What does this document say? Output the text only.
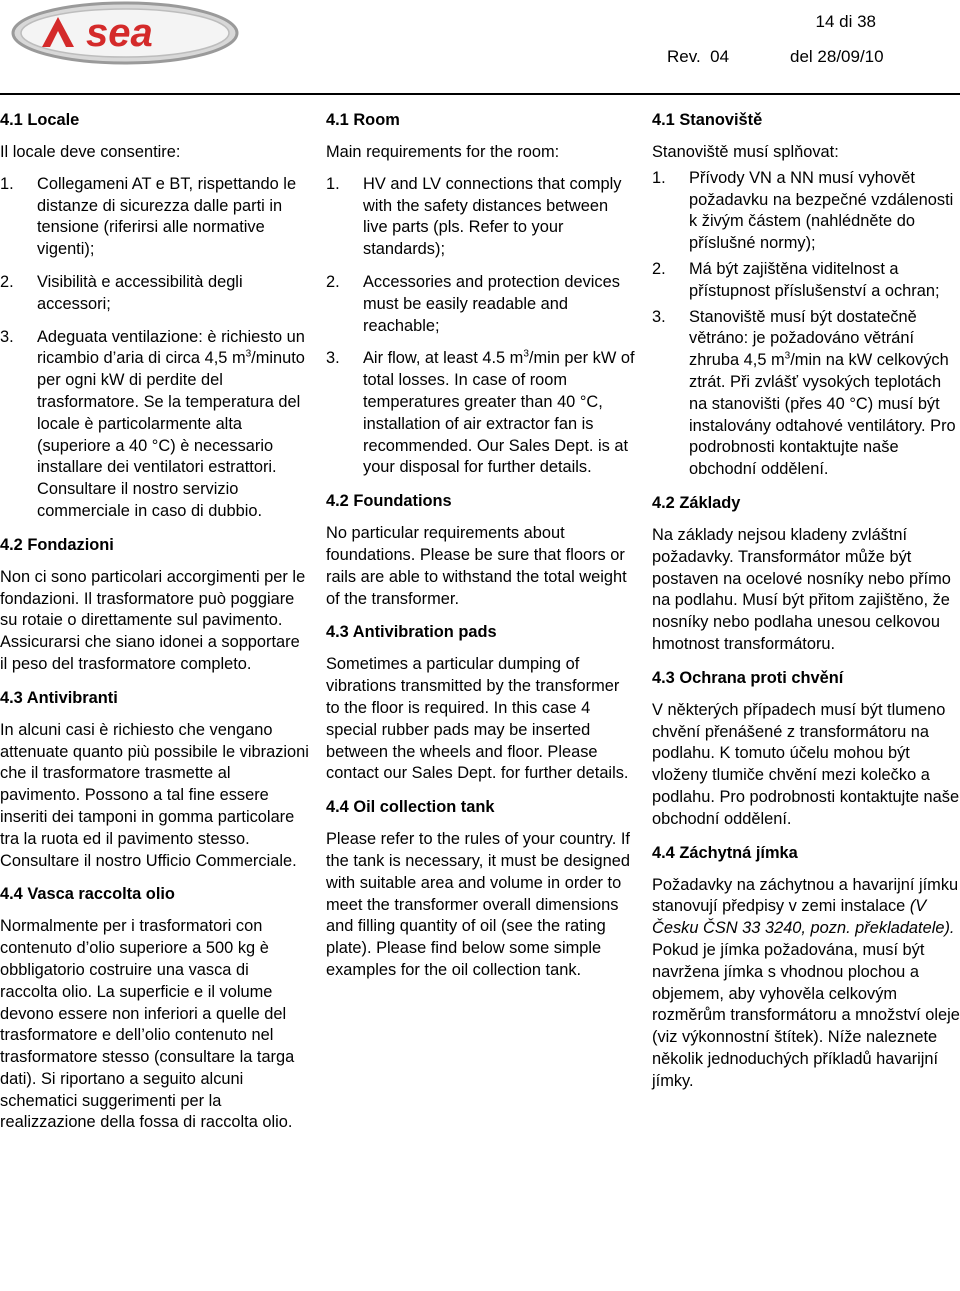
sea	14 di 38
Rev.  04	del 28/09/10
4.1 Locale

Il locale deve consentire:

1. Collegameni AT e BT, rispettando le distanze di sicurezza dalle parti in tensione (riferirsi alle normative vigenti);
2. Visibilità e accessibilità degli accessori;
3. Adeguata ventilazione: è richiesto un ricambio d’aria di circa 4,5 $m^3$/minuto per ogni kW di perdite del trasformatore. Se la temperatura del locale è particolarmente alta (superiore a 40 °C) è necessario installare dei ventilatori estrattori. Consultare il nostro servizio commerciale in caso di dubbio.
4.2 Fondazioni

Non ci sono particolari accorgimenti per le fondazioni. Il trasformatore può poggiare su rotaie o direttamente sul pavimento. Assicurarsi che siano idonei a sopportare il peso del trasformatore completo.

4.3 Antivibranti

In alcuni casi è richiesto che vengano attenuate quanto più possibile le vibrazioni che il trasformatore trasmette al pavimento. Possono a tal fine essere inseriti dei tamponi in gomma particolare tra la ruota ed il pavimento stesso. Consultare il nostro Ufficio Commerciale.

4.4 Vasca raccolta olio

Normalmente per i trasformatori con contenuto d’olio superiore a 500 kg è obbligatorio costruire una vasca di raccolta olio. La superficie e il volume devono essere non inferiori a quelle del trasformatore e dell’olio contenuto nel trasformatore stesso (consultare la targa dati). Si riportano a seguito alcuni schematici suggerimenti per la realizzazione della fossa di raccolta olio.

4.1 Room

Main requirements for the room:

1. HV and LV connections that comply with the safety distances between live parts (pls. Refer to your standards);
2. Accessories and protection devices must be easily readable and reachable;
3. Air flow, at least 4.5 $m^3/\min$ per kW of total losses. In case of room temperatures greater than 40 °C, installation of air extractor fan is recommended. Our Sales Dept. is at your disposal for further details.
4.2 Foundations

No particular requirements about foundations. Please be sure that floors or rails are able to withstand the total weight of the transformer.

4.3 Antivibration pads

Sometimes a particular dumping of vibrations transmitted by the transformer to the floor is required. In this case 4 special rubber pads may be inserted between the wheels and floor. Please contact our Sales Dept. for further details.

4.4 Oil collection tank

Please refer to the rules of your country. If the tank is necessary, it must be designed with suitable area and volume in order to meet the transformer overall dimensions and filling quantity of oil (see the rating plate). Please find below some simple examples for the oil collection tank.

4.1 Stanoviště

Stanoviště musí splňovat:

1. Přívody VN a NN musí vyhovět požadavku na bezpečné vzdálenosti k živým částem (nahlédněte do příslušné normy);
2. Má být zajištěna viditelnost a přístupnost příslušenství a ochran;
3. Stanoviště musí být dostatečně větráno: je požadováno větrání zhruba 4,5 $m^3/\min$ na kW celkových ztrát. Při zvlášť vysokých teplotách na stanovišti (přes 40 °C) musí být instalovány odtahové ventilátory. Pro podrobnosti kontaktujte naše obchodní oddělení.
4.2 Základy

Na základy nejsou kladeny zvláštní požadavky. Transformátor může být postaven na ocelové nosníky nebo přímo na podlahu. Musí být přitom zajištěno, že nosníky nebo podlaha unesou celkovou hmotnost transformátoru.

4.3 Ochrana proti chvění

V některých případech musí být tlumeno chvění přenášené z transformátoru na podlahu. K tomuto účelu mohou být vloženy tlumiče chvění mezi kolečko a podlahu. Pro podrobnosti kontaktujte naše obchodní oddělení.

4.4 Záchytná jímka

Požadavky na záchytnou a havarijní jímku stanovují předpisy v zemi instalace (V Česku ČSN 33 3240, pozn. překladatele). Pokud je jímka požadována, musí být navržena jímka s vhodnou plochou a objemem, aby vyhověla celkovým rozměrům transformátoru a množství oleje (viz výkonnostní štítek). Níže naleznete několik jednoduchých příkladů havarijní jímky.
